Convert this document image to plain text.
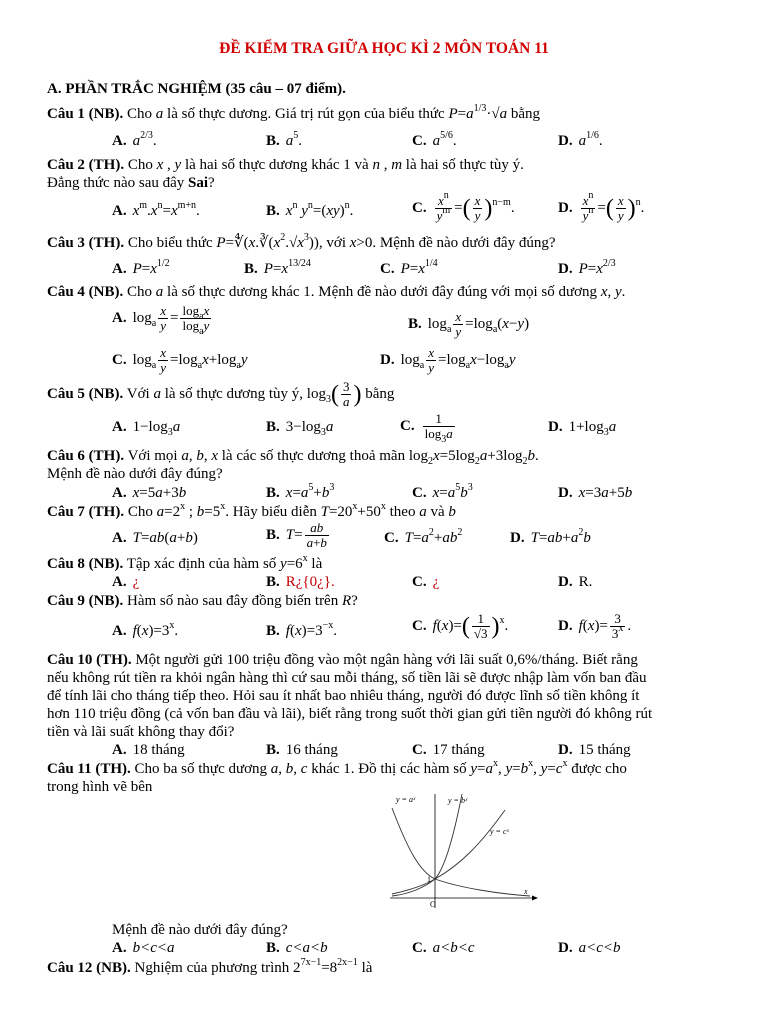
ĐỀ KIỂM TRA GIỮA HỌC KÌ 2 MÔN TOÁN 11
A. PHẦN TRẮC NGHIỆM (35 câu – 07 điểm).
Câu 1 (NB). Cho a là số thực dương. Giá trị rút gọn của biểu thức $P=a^{1/3}\cdot√a$ bằng
A. $a^{2/3}$.	B. $a^5$.	C. $a^{5/6}$.	D. $a^{1/6}$.
Câu 2 (TH). Cho x , y là hai số thực dương khác 1 và n , m là hai số thực tùy ý.
Đẳng thức nào sau đây Sai?
A. $x^m.x^n=x^{m+n}$.	B. $x^n$ $y^n=(xy)^n$.	C. $\frac{x^n}{y^m}$ =( $\frac{x}{y} )^{n-m}$.	D. $\frac{x^n}{y^n}$ =( $\frac{x}{y} )^n$.
Câu 3 (TH). Cho biểu thức $P=∜(x.∛(x^2.√x^3))$, với x>0. Mệnh đề nào dưới đây đúng?
A. $P=x^{1/2}$	B. $P=x^{13/24}$	C. $P=x^{1/4}$	D. $P=x^{2/3}$
Câu 4 (NB). Cho a là số thực dương khác 1. Mệnh đề nào dưới đây đúng với mọi số dương x, y.
A. $\log_a \frac{x}{y} = \frac{\log_ax}{\log_ay}$	B. $\log_a \frac{x}{y} =\log_a(x-y)$
C. $\log_a \frac{x}{y} =\log_ax+\log_ay$	D. $\log_a \frac{x}{y} =\log_ax-\log_ay$
Câu 5 (NB). Với a là số thực dương tùy ý, $\log_3( \frac{3}{a}$ ) bằng
A. $1-\log_3a$	B. $3-\log_3a$	C. $\frac{1}{\log_3a}$	D. $1+\log_3a$
Câu 6 (TH). Với mọi a, b, x là các số thực dương thoả mãn $\log_2x=5\log_2a+3\log_2b$.
Mệnh đề nào dưới đây đúng?
A. x=5a+3b	B. $x=a^5+b^3$	C. $x=a^5b^3$	D. x=3a+5b
Câu 7 (TH). Cho $a=2^x$ ; $b=5^x$. Hãy biểu diễn $T=20^x+50^x$ theo a và b
A. T=ab(a+b)	B. $T= \frac{ab}{a+b}$	C. $T=a^2+ab^2$	D. $T=ab+a^2b$
Câu 8 (NB). Tập xác định của hàm số $y=6^x$ là
A. ¿	B. R¿{0¿}.	C. ¿	D. R.
Câu 9 (NB). Hàm số nào sau đây đồng biến trên R?
A. $f(x)=3^x$.	B. $f(x)=3^{-x}$.	C. $f(x)=( \frac{1}{√3} )^x$.	D. $f(x)= \frac{3}{3^x}$ .
Câu 10 (TH). Một người gửi 100 triệu đồng vào một ngân hàng với lãi suất 0,6%/tháng. Biết rằng
nếu không rút tiền ra khỏi ngân hàng thì cứ sau mỗi tháng, số tiền lãi sẽ được nhập làm vốn ban đầu
để tính lãi cho tháng tiếp theo. Hỏi sau ít nhất bao nhiêu tháng, người đó được lĩnh số tiền không ít
hơn 110 triệu đồng (cả vốn ban đầu và lãi), biết rằng trong suốt thời gian gửi tiền người đó không rút
tiền và lãi suất không thay đổi?
A. 18 tháng	B. 16 tháng	C. 17 tháng	D. 15 tháng
Câu 11 (TH). Cho ba số thực dương a, b, c khác 1. Đồ thị các hàm số $y=a^x$, $y=b^x$, $y=c^x$ được cho
trong hình vẽ bên
y = aˣ	y = bˣ
y = cˣ
1
O
x
Mệnh đề nào dưới đây đúng?
A. b<c<a	B. c<a<b	C. a<b<c	D. a<c<b
Câu 12 (NB). Nghiệm của phương trình $2^{7x-1}=8^{2x-1}$ là
